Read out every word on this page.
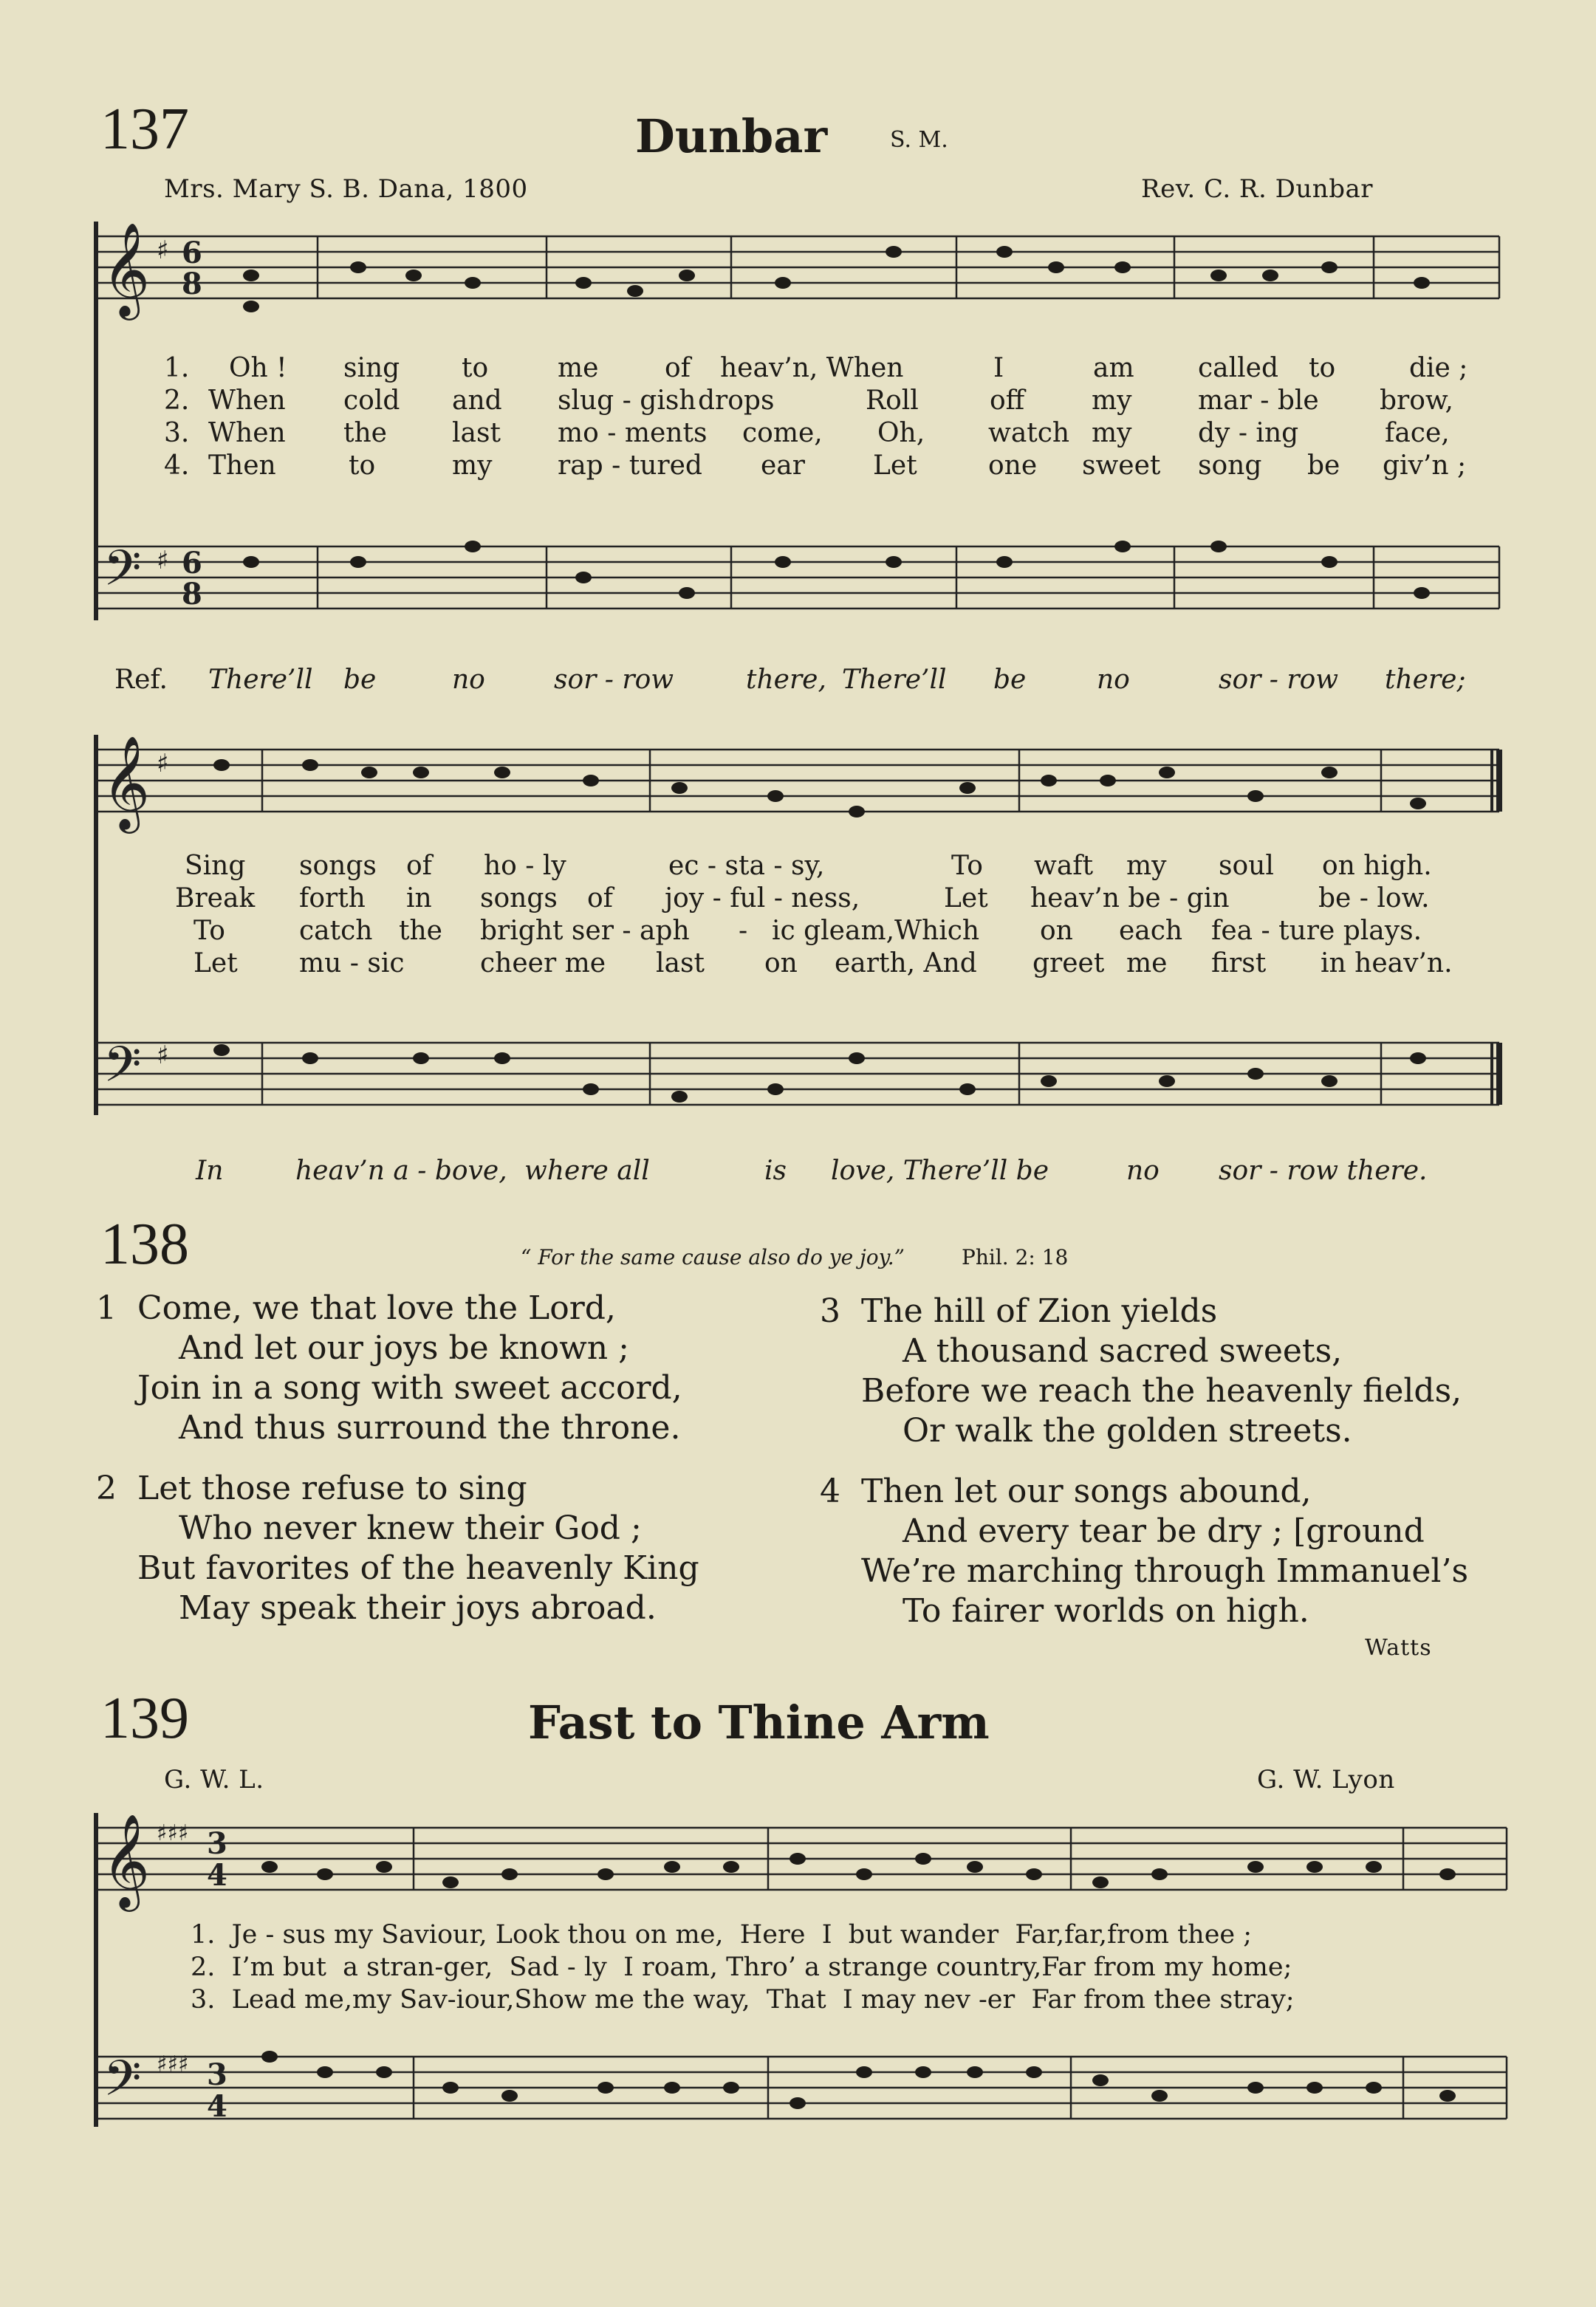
𝄞
𝄢
𝄞
𝄢
𝄞
𝄢
♯
♯
♯
♯
♯♯♯
♯♯♯
6
8
6
8
3
4
3
4
137	Dunbar	S. M.
Mrs. Mary S. B. Dana, 1800	Rev. C. R. Dunbar
1. Oh ! sing to	me of heav’n, When	I	am called to	die ;
2. When cold and slug - gish drops	Roll	off	my mar - ble brow,
3. When the last mo - ments come, Oh, watch my dy - ing	face,
4. Then	to	my rap - tured ear	Let	one sweet song be giv’n ;
Ref. There’ll be	no	sor - row	there, There’ll be	no	sor - row there;
Sing songs of ho - ly	ec - sta - sy,	To waft my soul on high.
Break forth in songs of joy - ful - ness,	Let heav’n be - gin	be - low.
To	catch the bright ser - aph - ic gleam,Which on each fea - ture plays.
Let mu - sic	cheer me last on earth, And greet me first in heav’n.
In	heav’n a - bove, where all	is love, There’ll be	no sor - row there.
138	“ For the same cause also do ye joy.”	Phil. 2: 18
1 Come, we that love the Lord,
And let our joys be known ;
Join in a song with sweet accord,
And thus surround the throne.
2 Let those refuse to sing
Who never knew their God ;
But favorites of the heavenly King
May speak their joys abroad.
3 The hill of Zion yields
A thousand sacred sweets,
Before we reach the heavenly fields,
Or walk the golden streets.
4 Then let our songs abound,
And every tear be dry ; [ground
We’re marching through Immanuel’s
To fairer worlds on high.
Watts
139	Fast to Thine Arm
G. W. L.	G. W. Lyon
1.  Je - sus my Saviour, Look thou on me,  Here  I  but wander  Far,far,from thee ;
2.  I’m but  a stran-ger,  Sad - ly  I roam, Thro’ a strange country,Far from my home;
3.  Lead me,my Sav-iour,Show me the way,  That  I may nev -er  Far from thee stray;
